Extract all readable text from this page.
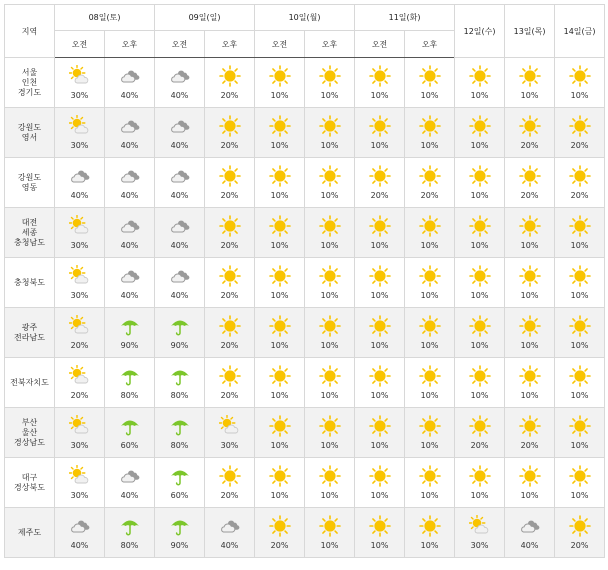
지역	08일(토)		09일(일)		10일(월)		11일(화)		12일(수)	13일(목)	14일(금)
	오전	오후	오전	오후	오전	오후	오전	오후			

서울
인천
경기도	30%	40%	40%	20%	10%	10%	10%	10%	10%	10%	10%

강원도
영서	30%	40%	40%	20%	10%	10%	10%	10%	10%	20%	20%

강원도
영동	40%	40%	40%	20%	10%	10%	20%	20%	10%	20%	20%

대전
세종
충청남도	30%	40%	40%	20%	10%	10%	10%	10%	10%	10%	10%

충청북도	30%	40%	40%	20%	10%	10%	10%	10%	10%	10%	10%

광주
전라남도	20%	90%	90%	20%	10%	10%	10%	10%	10%	10%	10%

전북자치도	20%	80%	80%	20%	10%	10%	10%	10%	10%	10%	10%

부산
울산
경상남도	30%	60%	80%	30%	10%	10%	10%	10%	20%	20%	10%

대구
경상북도	30%	40%	60%	20%	10%	10%	10%	10%	10%	10%	10%

제주도	40%	80%	90%	40%	20%	10%	10%	10%	30%	40%	20%
